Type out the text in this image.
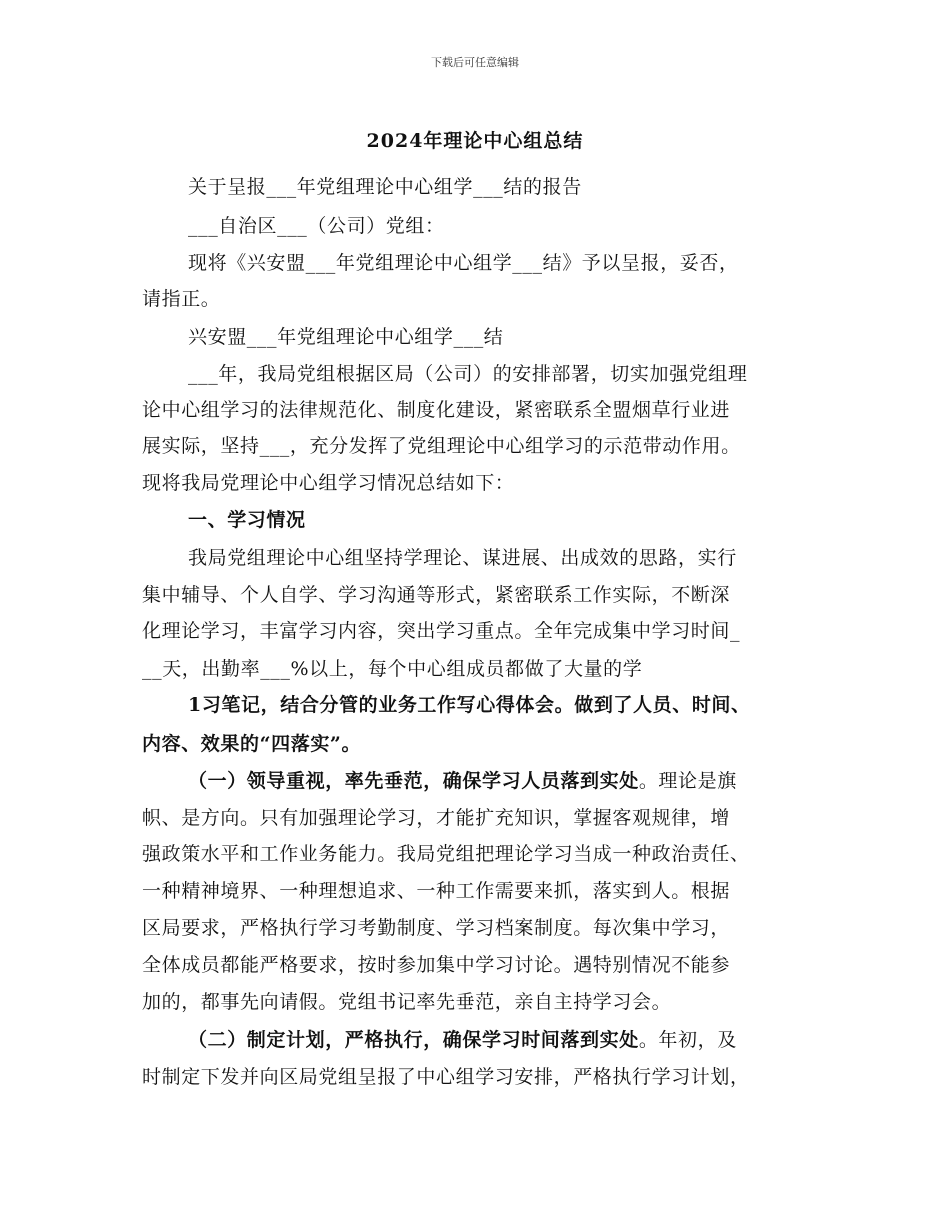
下载后可任意编辑
2024年理论中心组总结
关于呈报___年党组理论中心组学___结的报告
___自治区___（公司）党组：
现将《兴安盟___年党组理论中心组学___结》予以呈报，妥否，
请指正。
兴安盟___年党组理论中心组学___结
___年，我局党组根据区局（公司）的安排部署，切实加强党组理
论中心组学习的法律规范化、制度化建设，紧密联系全盟烟草行业进
展实际，坚持___，充分发挥了党组理论中心组学习的示范带动作用。
现将我局党理论中心组学习情况总结如下：
一、学习情况
我局党组理论中心组坚持学理论、谋进展、出成效的思路，实行
集中辅导、个人自学、学习沟通等形式，紧密联系工作实际，不断深
化理论学习，丰富学习内容，突出学习重点。全年完成集中学习时间_
__天，出勤率___%以上，每个中心组成员都做了大量的学
1习笔记，结合分管的业务工作写心得体会。做到了人员、时间、
内容、效果的“四落实”。
（一）领导重视，率先垂范，确保学习人员落到实处。理论是旗
帜、是方向。只有加强理论学习，才能扩充知识，掌握客观规律，增
强政策水平和工作业务能力。我局党组把理论学习当成一种政治责任、
一种精神境界、一种理想追求、一种工作需要来抓，落实到人。根据
区局要求，严格执行学习考勤制度、学习档案制度。每次集中学习，
全体成员都能严格要求，按时参加集中学习讨论。遇特别情况不能参
加的，都事先向请假。党组书记率先垂范，亲自主持学习会。
（二）制定计划，严格执行，确保学习时间落到实处。年初，及
时制定下发并向区局党组呈报了中心组学习安排，严格执行学习计划，
